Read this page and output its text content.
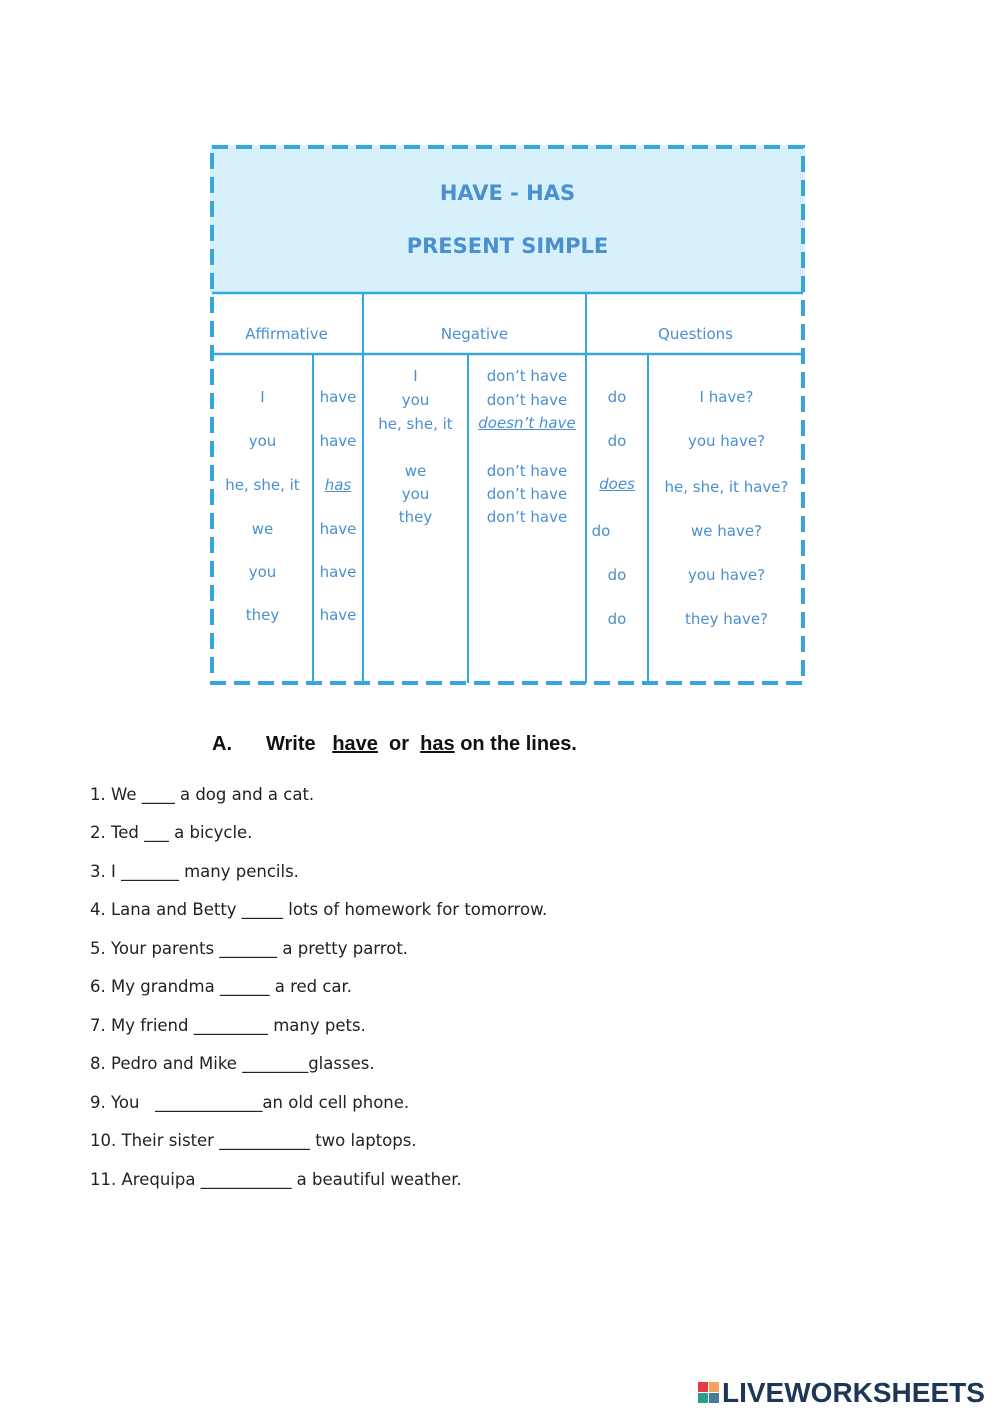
HAVE - HAS
PRESENT SIMPLE
Affirmative	Negative	Questions
I
you
he, she, it
we
you
they
have
have
has
have
have
have
I
you
he, she, it
we
you
they
don’t have
don’t have
doesn’t have
don’t have
don’t have
don’t have
do
do
does
do
do
do
I have?
you have?
he, she, it have?
we have?
you have?
they have?
A. Write have or has on the lines.
1. We ____ a dog and a cat.
2. Ted ___ a bicycle.
3. I _______ many pencils.
4. Lana and Betty _____ lots of homework for tomorrow.
5. Your parents _______ a pretty parrot.
6. My grandma ______ a red car.
7. My friend _________ many pets.
8. Pedro and Mike ________glasses.
9. You   _____________an old cell phone.
10. Their sister ___________ two laptops.
11. Arequipa ___________ a beautiful weather.
LIVEWORKSHEETS
